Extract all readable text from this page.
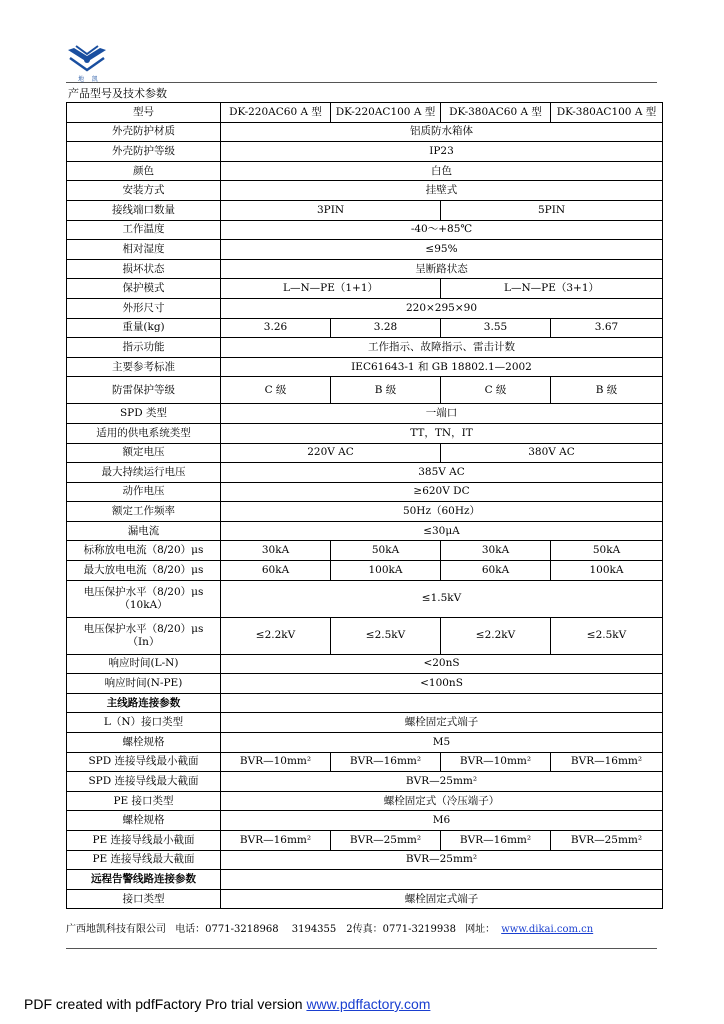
地 凯
产品型号及技术参数
型号	DK-220AC60 A 型	DK-220AC100 A 型	DK-380AC60 A 型	DK-380AC100 A 型
外壳防护材质	铝质防水箱体			
外壳防护等级	IP23			
颜色	白色			
安装方式	挂壁式			
接线端口数量	3PIN		5PIN	
工作温度	-40～+85℃			
相对湿度	≤95%			
损坏状态	呈断路状态			
保护模式	L—N—PE（1+1）		L—N—PE（3+1）	
外形尺寸	220×295×90			
重量(kg)	3.26	3.28	3.55	3.67
指示功能	工作指示、故障指示、雷击计数			
主要参考标准	IEC61643-1 和 GB 18802.1—2002			
防雷保护等级	C 级	B 级	C 级	B 级
SPD 类型	一端口			
适用的供电系统类型	TT，TN，IT			
额定电压	220V AC		380V AC	
最大持续运行电压	385V AC			
动作电压	≥620V DC			
额定工作频率	50Hz（60Hz）			
漏电流	≤30μA			
标称放电电流（8/20）μs	30kA	50kA	30kA	50kA
最大放电电流（8/20）μs	60kA	100kA	60kA	100kA

电压保护水平（8/20）μs
（10kA）	≤1.5kV			

电压保护水平（8/20）μs
（In）	≤2.2kV	≤2.5kV	≤2.2kV	≤2.5kV
响应时间(L-N)	<20nS			
响应时间(N-PE)	<100nS			
主线路连接参数				
L（N）接口类型	螺栓固定式端子			
螺栓规格	M5			
SPD 连接导线最小截面	BVR—10mm²	BVR—16mm²	BVR—10mm²	BVR—16mm²
SPD 连接导线最大截面	BVR—25mm²			
PE 接口类型	螺栓固定式（冷压端子）			
螺栓规格	M6			
PE 连接导线最小截面	BVR—16mm²	BVR—25mm²	BVR—16mm²	BVR—25mm²
PE 连接导线最大截面	BVR—25mm²			
远程告警线路连接参数				
接口类型	螺栓固定式端子			
广西地凯科技有限公司 电话：0771-3218968　 3194355　2传真：0771-3219938 网址： www.dikai.com.cn
PDF created with pdfFactory Pro trial version www.pdffactory.com
